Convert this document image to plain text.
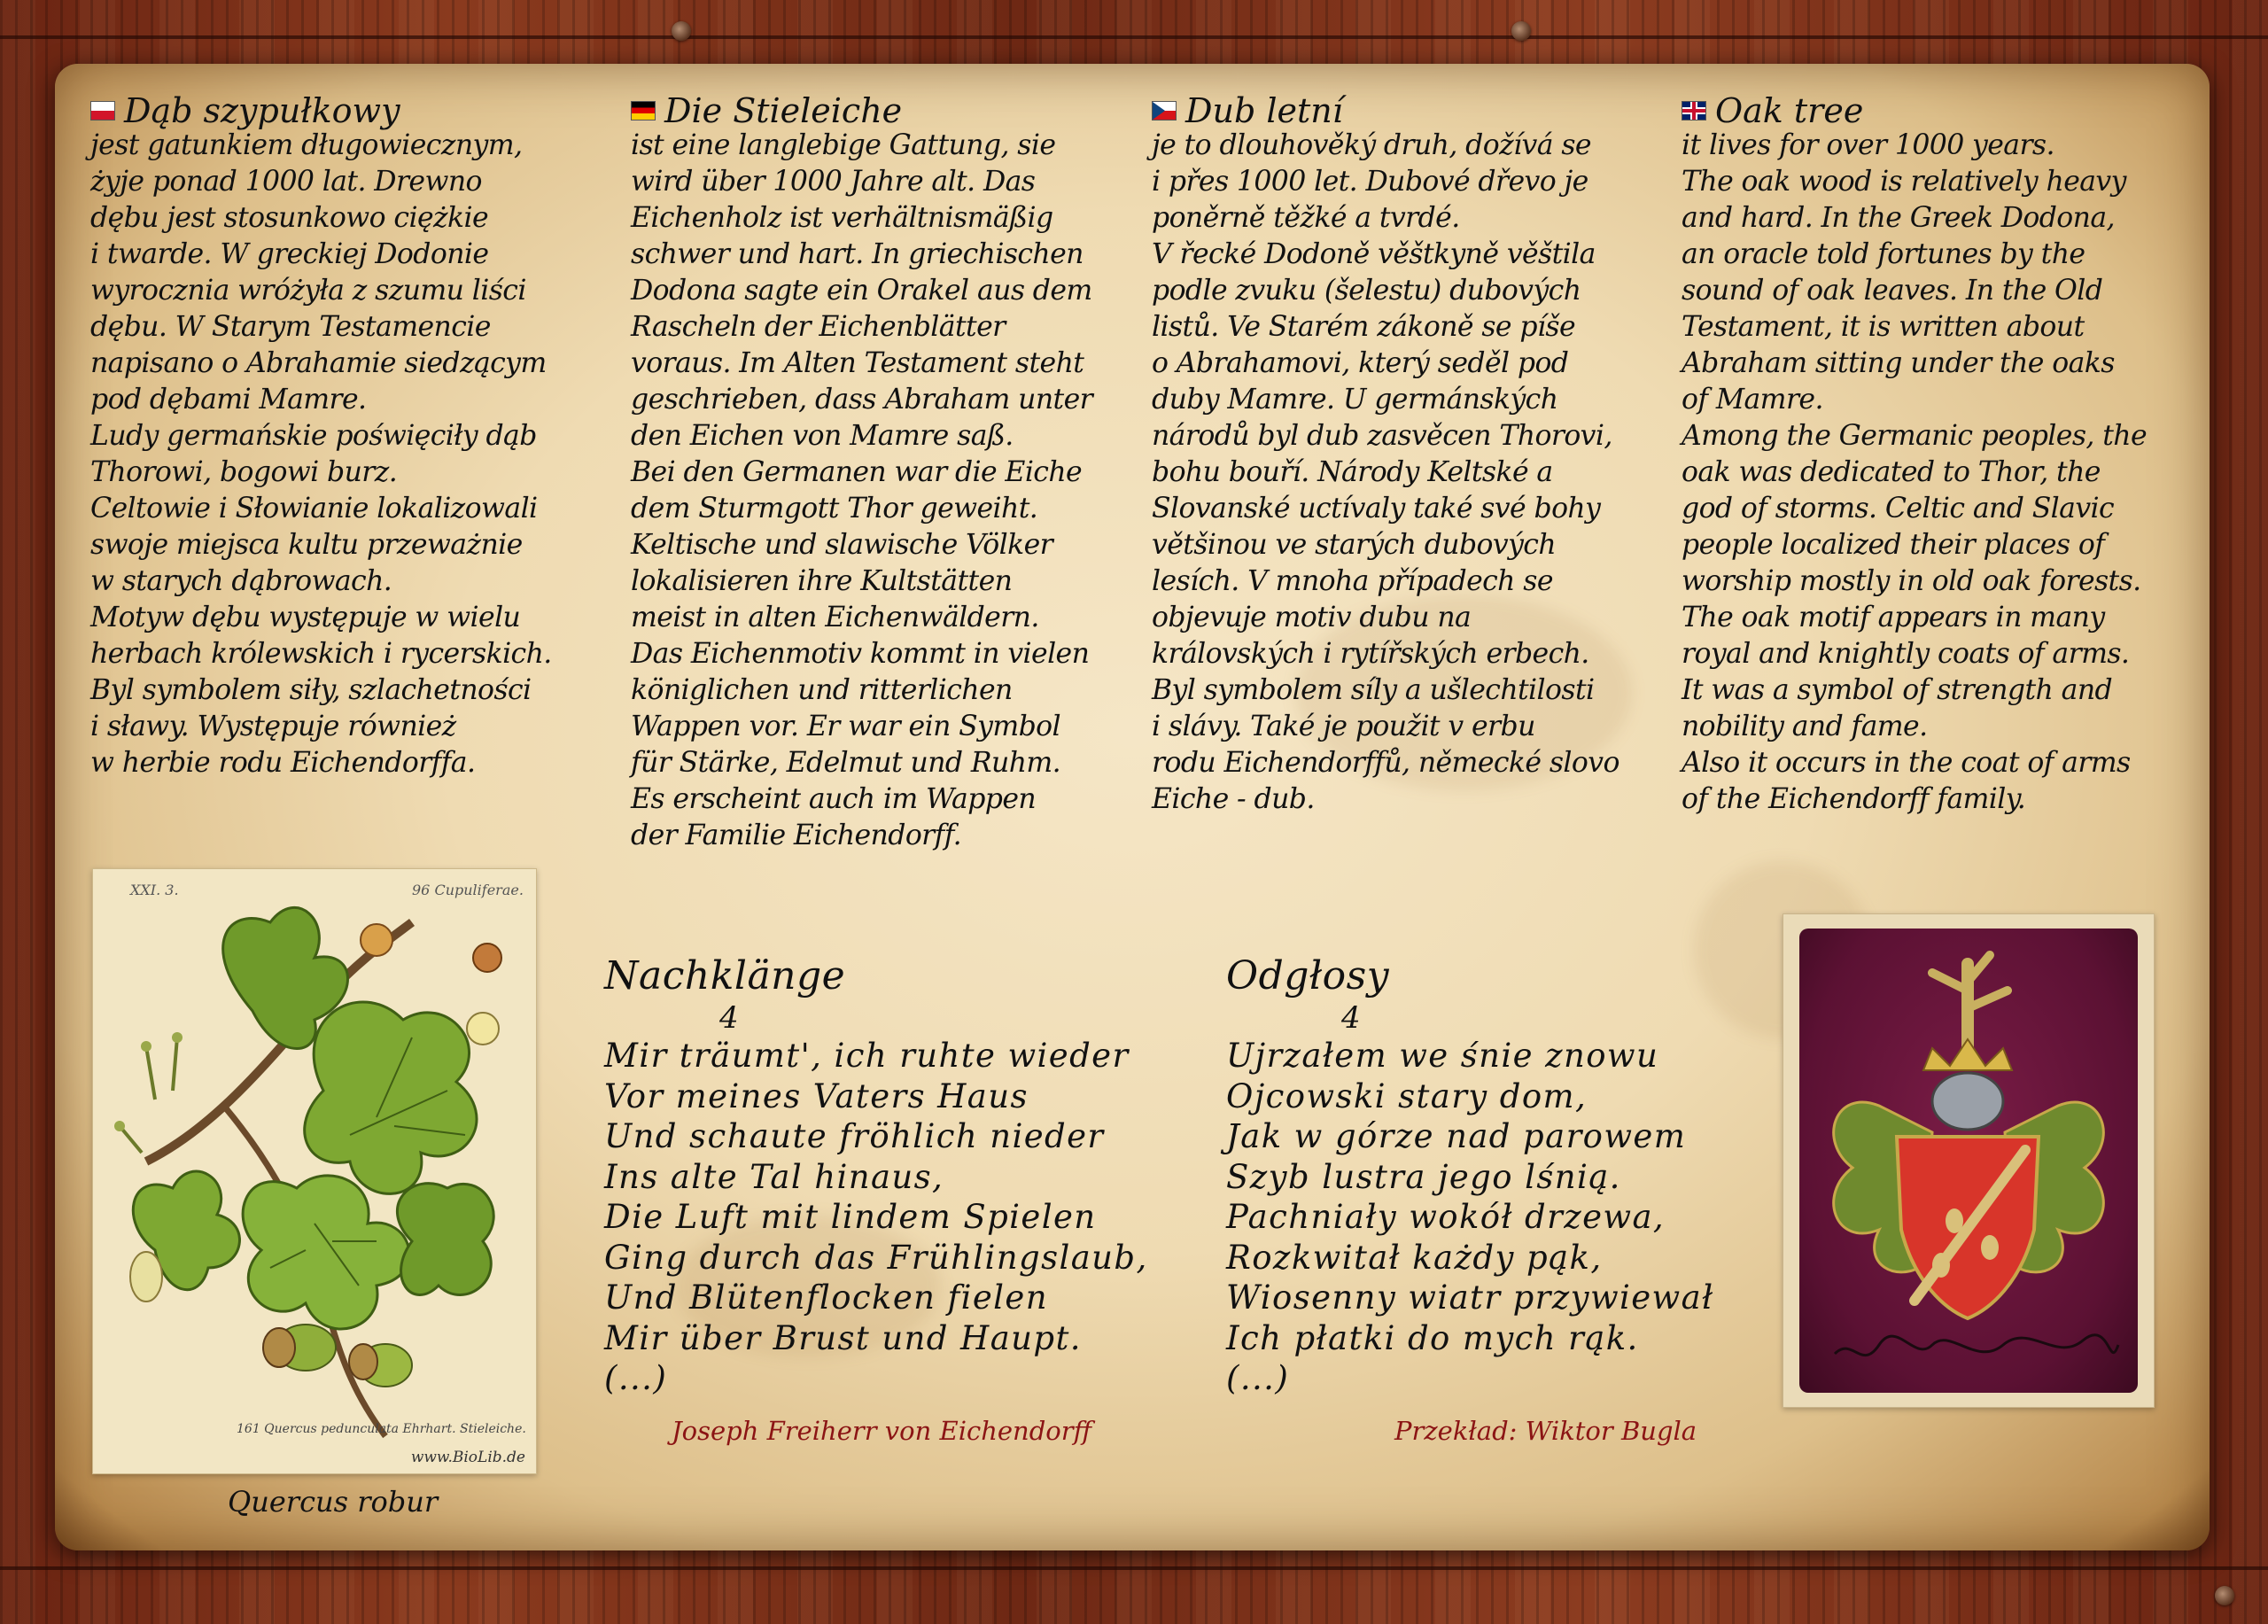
Dąb szypułkowy
jest gatunkiem długowiecznym,
żyje ponad 1000 lat. Drewno
dębu jest stosunkowo ciężkie
i twarde. W greckiej Dodonie
wyrocznia wróżyła z szumu liści
dębu. W Starym Testamencie
napisano o Abrahamie siedzącym
pod dębami Mamre.
Ludy germańskie poświęciły dąb
Thorowi, bogowi burz.
Celtowie i Słowianie lokalizowali
swoje miejsca kultu przeważnie
w starych dąbrowach.
Motyw dębu występuje w wielu
herbach królewskich i rycerskich.
Byl symbolem siły, szlachetności
i sławy. Występuje również
w herbie rodu Eichendorffa.
Die Stieleiche
ist eine langlebige Gattung, sie
wird über 1000 Jahre alt. Das
Eichenholz ist verhältnismäßig
schwer und hart. In griechischen
Dodona sagte ein Orakel aus dem
Rascheln der Eichenblätter
voraus. Im Alten Testament steht
geschrieben, dass Abraham unter
den Eichen von Mamre saß.
Bei den Germanen war die Eiche
dem Sturmgott Thor geweiht.
Keltische und slawische Völker
lokalisieren ihre Kultstätten
meist in alten Eichenwäldern.
Das Eichenmotiv kommt in vielen
königlichen und ritterlichen
Wappen vor. Er war ein Symbol
für Stärke, Edelmut und Ruhm.
Es erscheint auch im Wappen
der Familie Eichendorff.
Dub letní
je to dlouhověký druh, dožívá se
i přes 1000 let. Dubové dřevo je
poněrně těžké a tvrdé.
V řecké Dodoně věštkyně věštila
podle zvuku (šelestu) dubových
listů. Ve Starém zákoně se píše
o Abrahamovi, který seděl pod
duby Mamre. U germánských
národů byl dub zasvěcen Thorovi,
bohu bouří. Národy Keltské a
Slovanské uctívaly také své bohy
většinou ve starých dubových
lesích. V mnoha případech se
objevuje motiv dubu na
královských i rytířských erbech.
Byl symbolem síly a ušlechtilosti
i slávy. Také je použit v erbu
rodu Eichendorffů, německé slovo
Eiche - dub.
Oak tree
it lives for over 1000 years.
The oak wood is relatively heavy
and hard. In the Greek Dodona,
an oracle told fortunes by the
sound of oak leaves. In the Old
Testament, it is written about
Abraham sitting under the oaks
of Mamre.
Among the Germanic peoples, the
oak was dedicated to Thor, the
god of storms. Celtic and Slavic
people localized their places of
worship mostly in old oak forests.
The oak motif appears in many
royal and knightly coats of arms.
It was a symbol of strength and
nobility and fame.
Also it occurs in the coat of arms
of the Eichendorff family.
XXI. 3.	96 Cupuliferae.
161 Quercus pedunculata Ehrhart. Stieleiche.
www.BioLib.de
Quercus robur
Nachklänge
4
Mir träumt', ich ruhte wieder
Vor meines Vaters Haus
Und schaute fröhlich nieder
Ins alte Tal hinaus,
Die Luft mit lindem Spielen
Ging durch das Frühlingslaub,
Und Blütenflocken fielen
Mir über Brust und Haupt.
(...)
Joseph Freiherr von Eichendorff
Odgłosy
4
Ujrzałem we śnie znowu
Ojcowski stary dom,
Jak w górze nad parowem
Szyb lustra jego lśnią.
Pachniały wokół drzewa,
Rozkwitał każdy pąk,
Wiosenny wiatr przywiewał
Ich płatki do mych rąk.
(...)
Przekład: Wiktor Bugla
